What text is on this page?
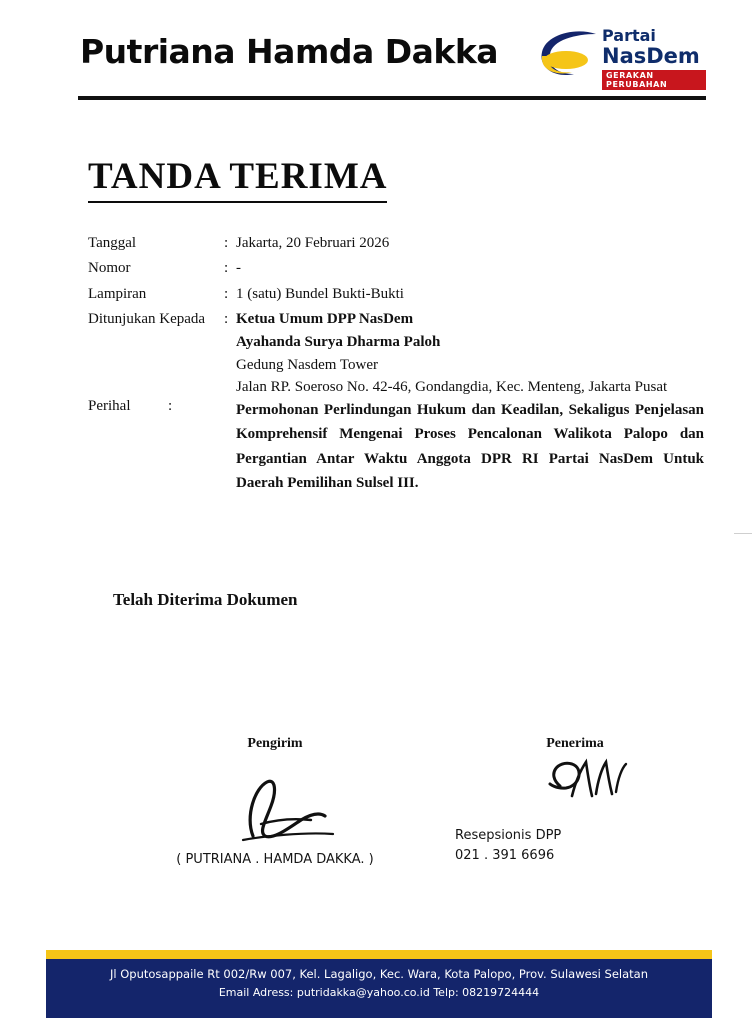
Putriana Hamda Dakka	Partai
NasDem
GERAKAN PERUBAHAN
TANDA TERIMA
Tanggal	: Jakarta, 20 Februari 2026
Nomor	: -
Lampiran	: 1 (satu) Bundel Bukti-Bukti
Ditunjukan Kepada	: Ketua Umum DPP NasDem
Ayahanda Surya Dharma Paloh
Gedung Nasdem Tower
Jalan RP. Soeroso No. 42-46, Gondangdia, Kec. Menteng, Jakarta Pusat
Perihal	:	Permohonan Perlindungan Hukum dan Keadilan, Sekaligus Penjelasan Komprehensif Mengenai Proses Pencalonan Walikota Palopo dan Pergantian Antar Waktu Anggota DPR RI Partai NasDem Untuk Daerah Pemilihan Sulsel III.
Telah Diterima Dokumen
Pengirim	Penerima
( PUTRIANA . HAMDA DAKKA. )
Resepsionis DPP
021 . 391 6696
Jl Oputosappaile Rt 002/Rw 007, Kel. Lagaligo, Kec. Wara, Kota Palopo, Prov. Sulawesi Selatan
Email Adress: putridakka@yahoo.co.id Telp: 08219724444
